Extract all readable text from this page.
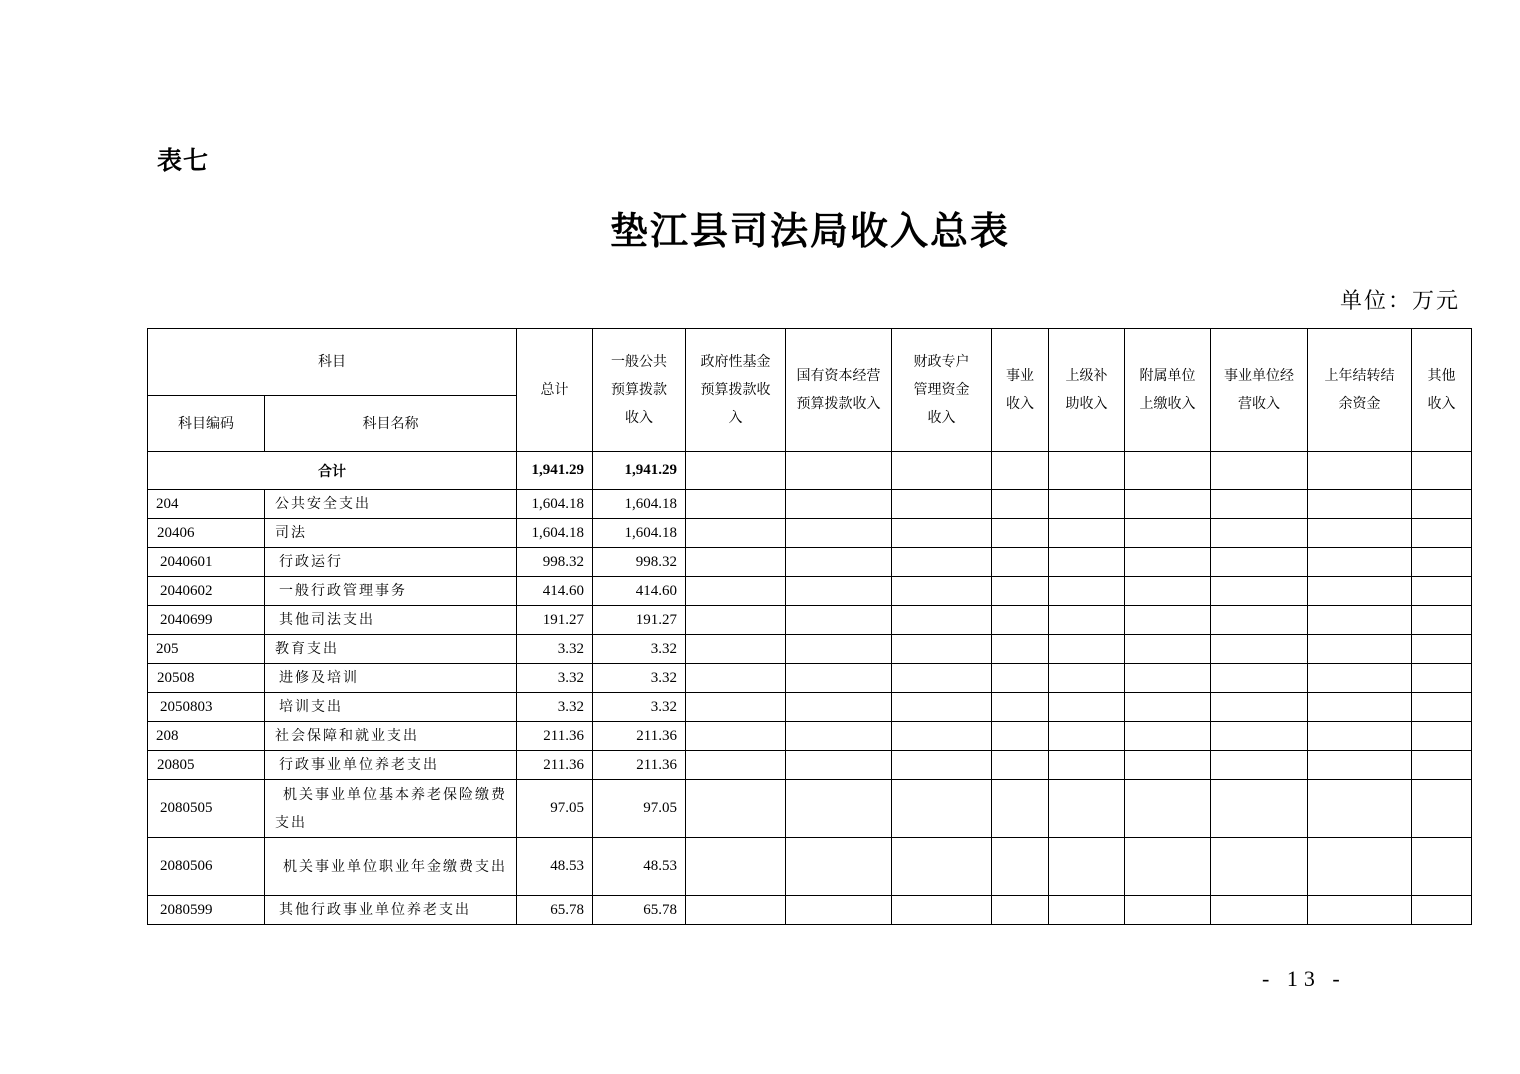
表七
垫江县司法局收入总表
单位：万元
科目		总计	一般公共预算拨款收入	政府性基金预算拨款收入	国有资本经营预算拨款收入	财政专户管理资金收入	事业收入	上级补助收入	附属单位上缴收入	事业单位经营收入	上年结转结余资金	其他收入
科目编码	科目名称											
合计		1,941.29	1,941.29									
204	公共安全支出	1,604.18	1,604.18									
20406	司法	1,604.18	1,604.18									
2040601	行政运行	998.32	998.32									
2040602	一般行政管理事务	414.60	414.60									
2040699	其他司法支出	191.27	191.27									
205	教育支出	3.32	3.32									
20508	进修及培训	3.32	3.32									
2050803	培训支出	3.32	3.32									
208	社会保障和就业支出	211.36	211.36									
20805	行政事业单位养老支出	211.36	211.36									
2080505	机关事业单位基本养老保险缴费支出	97.05	97.05									
2080506	机关事业单位职业年金缴费支出	48.53	48.53									
2080599	其他行政事业单位养老支出	65.78	65.78									
- 13 -
